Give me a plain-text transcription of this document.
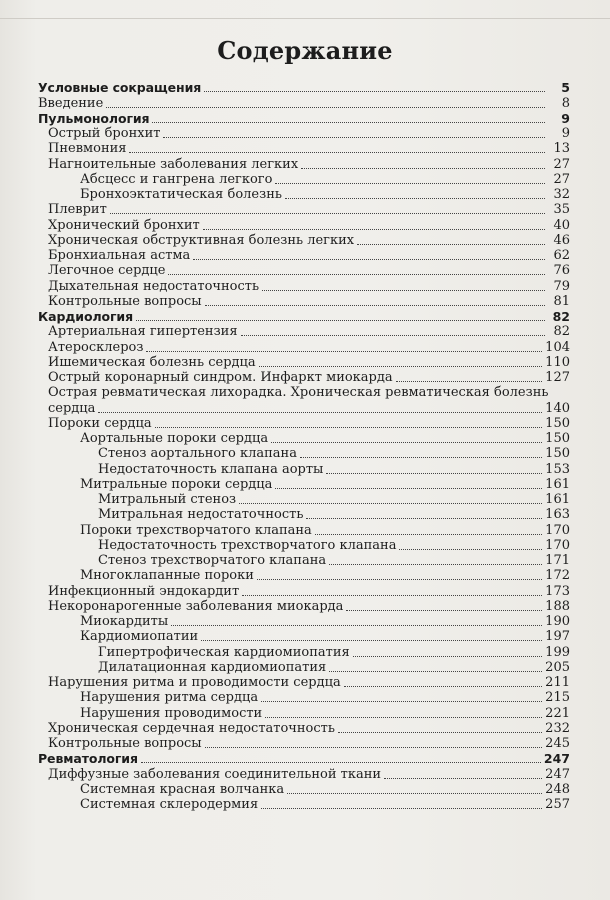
Содержание
Условные сокращения	5
Введение	8
Пульмонология	9
Острый бронхит	9
Пневмония	13
Нагноительные заболевания легких	27
Абсцесс и гангрена легкого	27
Бронхоэктатическая болезнь	32
Плеврит	35
Хронический бронхит	40
Хроническая обструктивная болезнь легких	46
Бронхиальная астма	62
Легочное сердце	76
Дыхательная недостаточность	79
Контрольные вопросы	81
Кардиология	82
Артериальная гипертензия	82
Атеросклероз	104
Ишемическая болезнь сердца	110
Острый коронарный синдром. Инфаркт миокарда	127
Острая ревматическая лихорадка. Хроническая ревматическая болезнь
сердца	140
Пороки сердца	150
Аортальные пороки сердца	150
Стеноз аортального клапана	150
Недостаточность клапана аорты	153
Митральные пороки сердца	161
Митральный стеноз	161
Митральная недостаточность	163
Пороки трехстворчатого клапана	170
Недостаточность трехстворчатого клапана	170
Стеноз трехстворчатого клапана	171
Многоклапанные пороки	172
Инфекционный эндокардит	173
Некоронарогенные заболевания миокарда	188
Миокардиты	190
Кардиомиопатии	197
Гипертрофическая кардиомиопатия	199
Дилатационная кардиомиопатия	205
Нарушения ритма и проводимости сердца	211
Нарушения ритма сердца	215
Нарушения проводимости	221
Хроническая сердечная недостаточность	232
Контрольные вопросы	245
Ревматология	247
Диффузные заболевания соединительной ткани	247
Системная красная волчанка	248
Системная склеродермия	257
